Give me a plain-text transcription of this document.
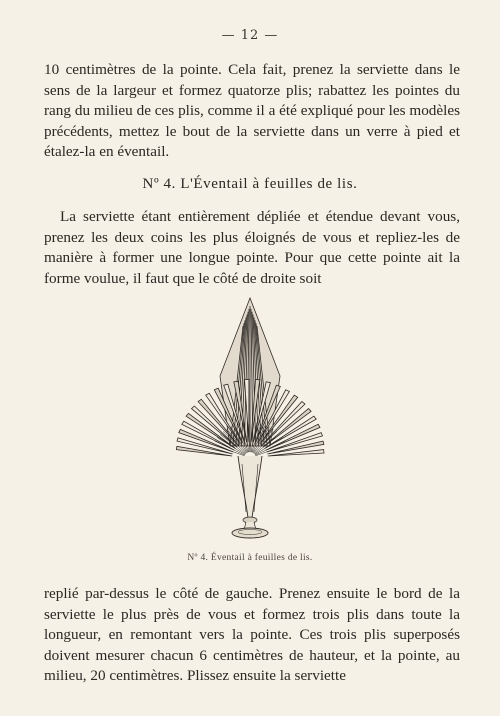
— 12 —
10 centimètres de la pointe. Cela fait, prenez la serviette dans le sens de la largeur et formez quatorze plis; rabattez les pointes du rang du milieu de ces plis, comme il a été expliqué pour les modèles précédents, mettez le bout de la serviette dans un verre à pied et étalez-la en éventail.
Nº 4. L'Éventail à feuilles de lis.
La serviette étant entièrement dépliée et étendue devant vous, prenez les deux coins les plus éloignés de vous et repliez-les de manière à former une longue pointe. Pour que cette pointe ait la forme voulue, il faut que le côté de droite soit
Nº 4. Éventail à feuilles de lis.
replié par-dessus le côté de gauche. Prenez ensuite le bord de la serviette le plus près de vous et formez trois plis dans toute la longueur, en remontant vers la pointe. Ces trois plis superposés doivent mesurer chacun 6 centimètres de hauteur, et la pointe, au milieu, 20 centimètres. Plissez ensuite la serviette
